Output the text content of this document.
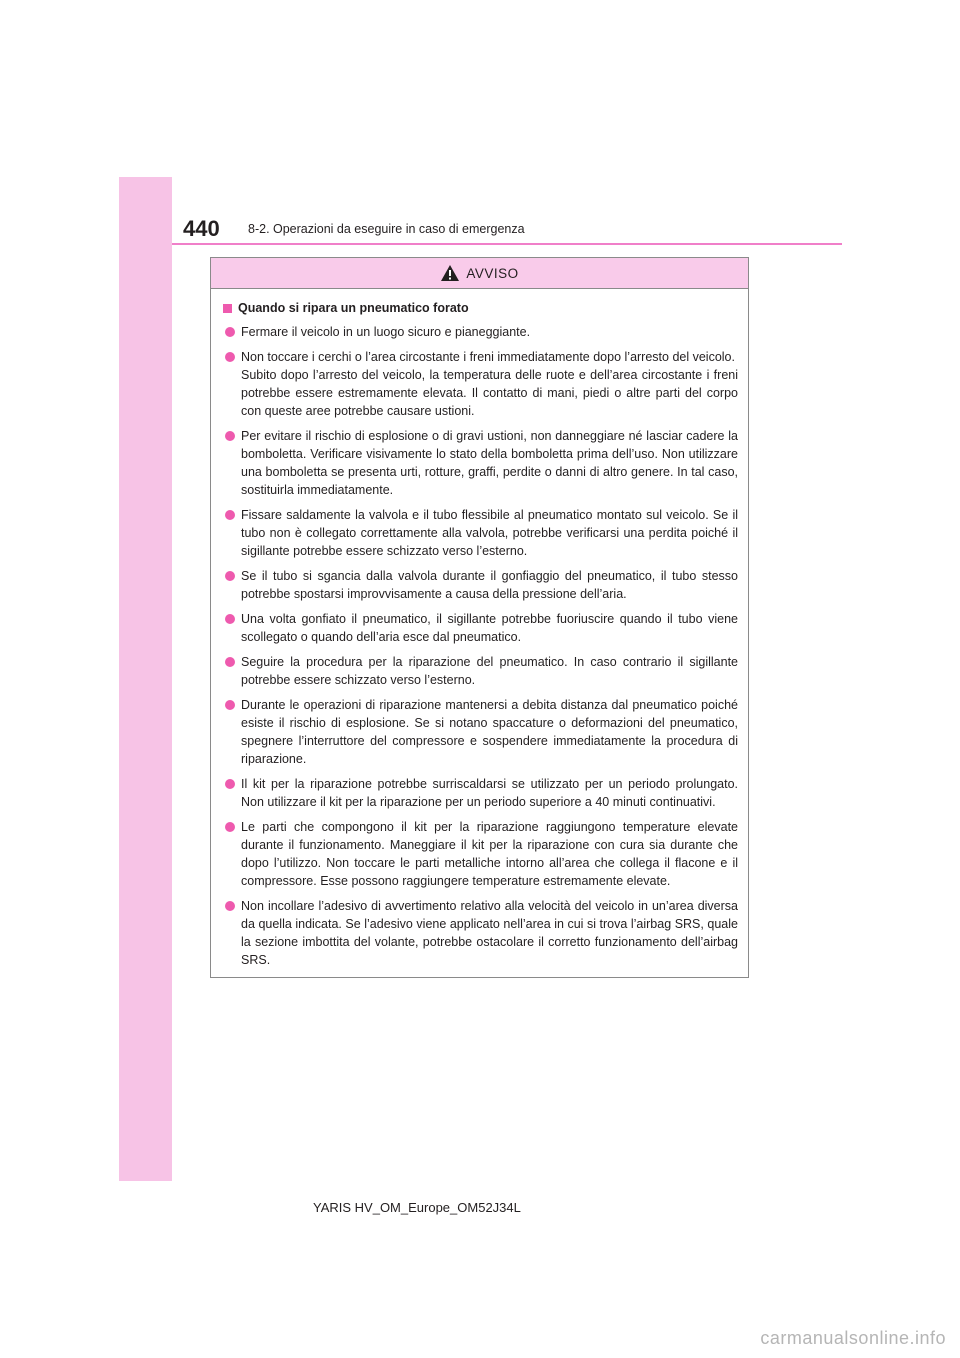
440 8-2. Operazioni da eseguire in caso di emergenza
AVVISO
Quando si ripara un pneumatico forato
Fermare il veicolo in un luogo sicuro e pianeggiante.
Non toccare i cerchi o l’area circostante i freni immediatamente dopo l’arresto del veicolo.
Subito dopo l’arresto del veicolo, la temperatura delle ruote e dell’area circostante i freni potrebbe essere estremamente elevata. Il contatto di mani, piedi o altre parti del corpo con queste aree potrebbe causare ustioni.
Per evitare il rischio di esplosione o di gravi ustioni, non danneggiare né lasciar cadere la bomboletta. Verificare visivamente lo stato della bomboletta prima dell’uso. Non utilizzare una bomboletta se presenta urti, rotture, graffi, perdite o danni di altro genere. In tal caso, sostituirla immediatamente.
Fissare saldamente la valvola e il tubo flessibile al pneumatico montato sul veicolo. Se il tubo non è collegato correttamente alla valvola, potrebbe verificarsi una perdita poiché il sigillante potrebbe essere schizzato verso l’esterno.
Se il tubo si sgancia dalla valvola durante il gonfiaggio del pneumatico, il tubo stesso potrebbe spostarsi improvvisamente a causa della pressione dell’aria.
Una volta gonfiato il pneumatico, il sigillante potrebbe fuoriuscire quando il tubo viene scollegato o quando dell’aria esce dal pneumatico.
Seguire la procedura per la riparazione del pneumatico. In caso contrario il sigillante potrebbe essere schizzato verso l’esterno.
Durante le operazioni di riparazione mantenersi a debita distanza dal pneumatico poiché esiste il rischio di esplosione. Se si notano spaccature o deformazioni del pneumatico, spegnere l’interruttore del compressore e sospendere immediatamente la procedura di riparazione.
Il kit per la riparazione potrebbe surriscaldarsi se utilizzato per un periodo prolungato. Non utilizzare il kit per la riparazione per un periodo superiore a 40 minuti continuativi.
Le parti che compongono il kit per la riparazione raggiungono temperature elevate durante il funzionamento. Maneggiare il kit per la riparazione con cura sia durante che dopo l’utilizzo. Non toccare le parti metalliche intorno all’area che collega il flacone e il compressore. Esse possono raggiungere temperature estremamente elevate.
Non incollare l’adesivo di avvertimento relativo alla velocità del veicolo in un’area diversa da quella indicata. Se l’adesivo viene applicato nell’area in cui si trova l’airbag SRS, quale la sezione imbottita del volante, potrebbe ostacolare il corretto funzionamento dell’airbag SRS.
YARIS HV_OM_Europe_OM52J34L
carmanualsonline.info
